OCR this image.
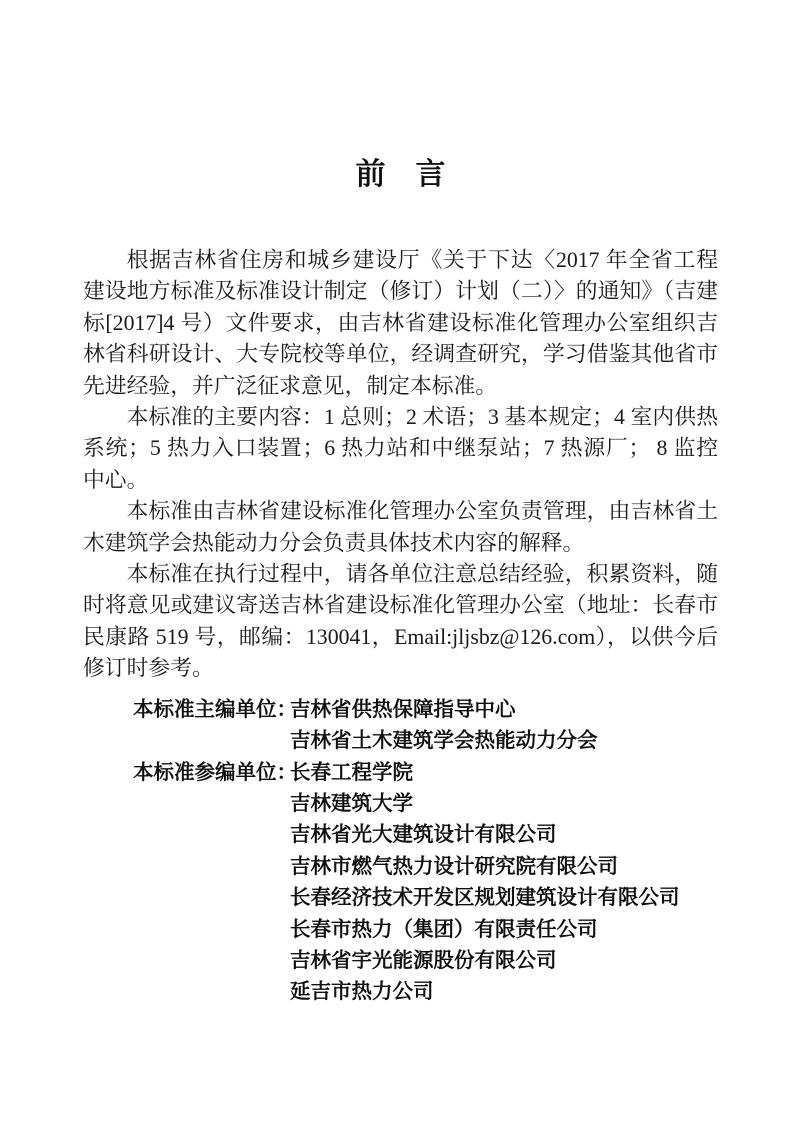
前　言

根据吉林省住房和城乡建设厅《关于下达〈2017 年全省工程建设地方标准及标准设计制定（修订）计划（二）〉的通知》（吉建标[2017]4 号）文件要求，由吉林省建设标准化管理办公室组织吉林省科研设计、大专院校等单位，经调查研究，学习借鉴其他省市先进经验，并广泛征求意见，制定本标准。

本标准的主要内容：1 总则；2 术语；3 基本规定；4 室内供热系统；5 热力入口装置；6 热力站和中继泵站；7 热源厂； 8 监控中心。

本标准由吉林省建设标准化管理办公室负责管理，由吉林省土木建筑学会热能动力分会负责具体技术内容的解释。

本标准在执行过程中，请各单位注意总结经验，积累资料，随时将意见或建议寄送吉林省建设标准化管理办公室（地址：长春市民康路 519 号，邮编：130041，Email:jljsbz@126.com），以供今后修订时参考。

本标准主编单位：
吉林省供热保障指导中心
吉林省土木建筑学会热能动力分会
本标准参编单位：
长春工程学院
吉林建筑大学
吉林省光大建筑设计有限公司
吉林市燃气热力设计研究院有限公司
长春经济技术开发区规划建筑设计有限公司
长春市热力（集团）有限责任公司
吉林省宇光能源股份有限公司
延吉市热力公司
